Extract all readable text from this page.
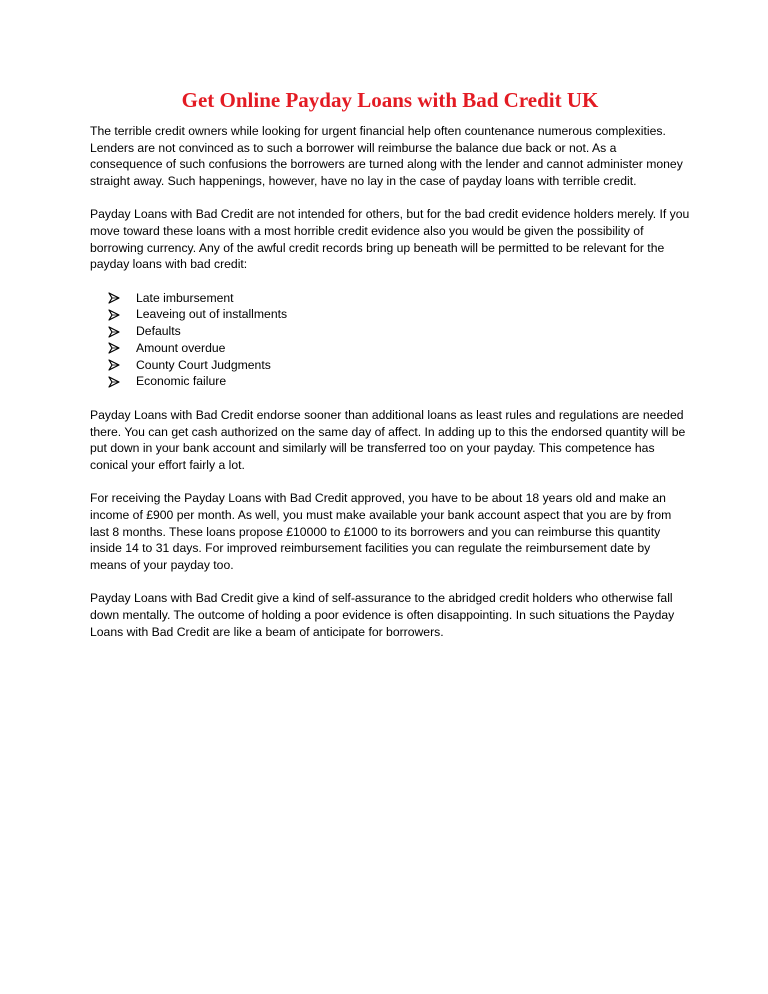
Get Online Payday Loans with Bad Credit UK

The terrible credit owners while looking for urgent financial help often countenance numerous complexities. Lenders are not convinced as to such a borrower will reimburse the balance due back or not. As a consequence of such confusions the borrowers are turned along with the lender and cannot administer money straight away. Such happenings, however, have no lay in the case of payday loans with terrible credit.

Payday Loans with Bad Credit are not intended for others, but for the bad credit evidence holders merely. If you move toward these loans with a most horrible credit evidence also you would be given the possibility of borrowing currency. Any of the awful credit records bring up beneath will be permitted to be relevant for the payday loans with bad credit:

Late imbursement
Leaveing out of installments
Defaults
Amount overdue
County Court Judgments
Economic failure

Payday Loans with Bad Credit endorse sooner than additional loans as least rules and regulations are needed there. You can get cash authorized on the same day of affect. In adding up to this the endorsed quantity will be put down in your bank account and similarly will be transferred too on your payday. This competence has conical your effort fairly a lot.

For receiving the Payday Loans with Bad Credit approved, you have to be about 18 years old and make an income of £900 per month. As well, you must make available your bank account aspect that you are by from last 8 months. These loans propose £10000 to £1000 to its borrowers and you can reimburse this quantity inside 14 to 31 days. For improved reimbursement facilities you can regulate the reimbursement date by means of your payday too.

Payday Loans with Bad Credit give a kind of self-assurance to the abridged credit holders who otherwise fall down mentally. The outcome of holding a poor evidence is often disappointing. In such situations the Payday Loans with Bad Credit are like a beam of anticipate for borrowers.
